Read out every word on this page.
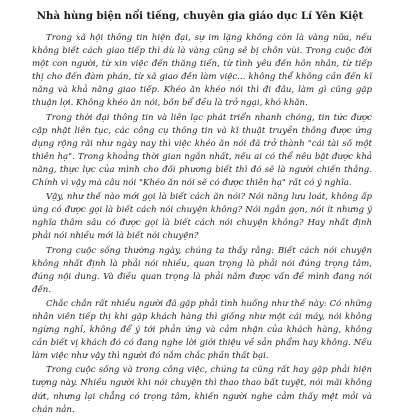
Nhà hùng biện nổi tiếng, chuyên gia giáo dục Lí Yên Kiệt

Trong xã hội thông tin hiện đại, sự im lặng không còn là vàng nữa, nếu không biết cách giao tiếp thì dù là vàng cũng sẽ bị chôn vùi. Trong cuộc đời một con người, từ xin việc đến thăng tiến, từ tình yêu đến hôn nhân, từ tiếp thị cho đến đàm phán, từ xã giao đến làm việc... không thể không cần đến kĩ năng và khả năng giao tiếp. Khéo ăn khéo nói thì đi đâu, làm gì cũng gặp thuận lợi. Không khéo ăn nói, bốn bể đều là trở ngại, khó khăn.

Trong thời đại thông tin và liên lạc phát triển nhanh chóng, tin tức được cập nhật liên tục, các công cụ thông tin và kĩ thuật truyền thông được ứng dụng rộng rãi như ngày nay thì việc khéo ăn nói đã trở thành "cái tài số một thiên hạ". Trong khoảng thời gian ngắn nhất, nếu ai có thể nêu bật được khả năng, thực lực của mình cho đối phương biết thì đó sẽ là người chiến thắng. Chính vì vậy mà câu nói "Khéo ăn nói sẽ có được thiên hạ" rất có ý nghĩa.

Vậy, như thế nào mới gọi là biết cách ăn nói? Nói năng lưu loát, không ấp úng có được gọi là biết cách nói chuyện không? Nói ngắn gọn, nói ít nhưng ý nghĩa thâm sâu có được gọi là biết cách nói chuyện không? Hay nhất định phải nói nhiều mới là biết nói chuyện?

Trong cuộc sống thường ngày, chúng ta thấy rằng: Biết cách nói chuyện không nhất định là phải nói nhiều, quan trọng là phải nói đúng trọng tâm, đúng nội dung. Và điều quan trọng là phải nắm được vấn đề mình đang nói đến.

Chắc chắn rất nhiều người đã gặp phải tình huống như thế này: Có những nhân viên tiếp thị khi gặp khách hàng thì giống như một cái máy, nói không ngừng nghỉ, không để ý tới phản ứng và cảm nhận của khách hàng, không cần biết vị khách đó có đang nghe lời giới thiệu về sản phẩm hay không. Nếu làm việc như vậy thì người đó nắm chắc phần thất bại.

Trong cuộc sống và trong công việc, chúng ta cũng rất hay gặp phải hiện tượng này. Nhiều người khi nói chuyện thì thao thao bất tuyệt, nói mãi không dứt, nhưng lại chẳng có trọng tâm, khiến người nghe cảm thấy mệt mỏi và chán nản.
